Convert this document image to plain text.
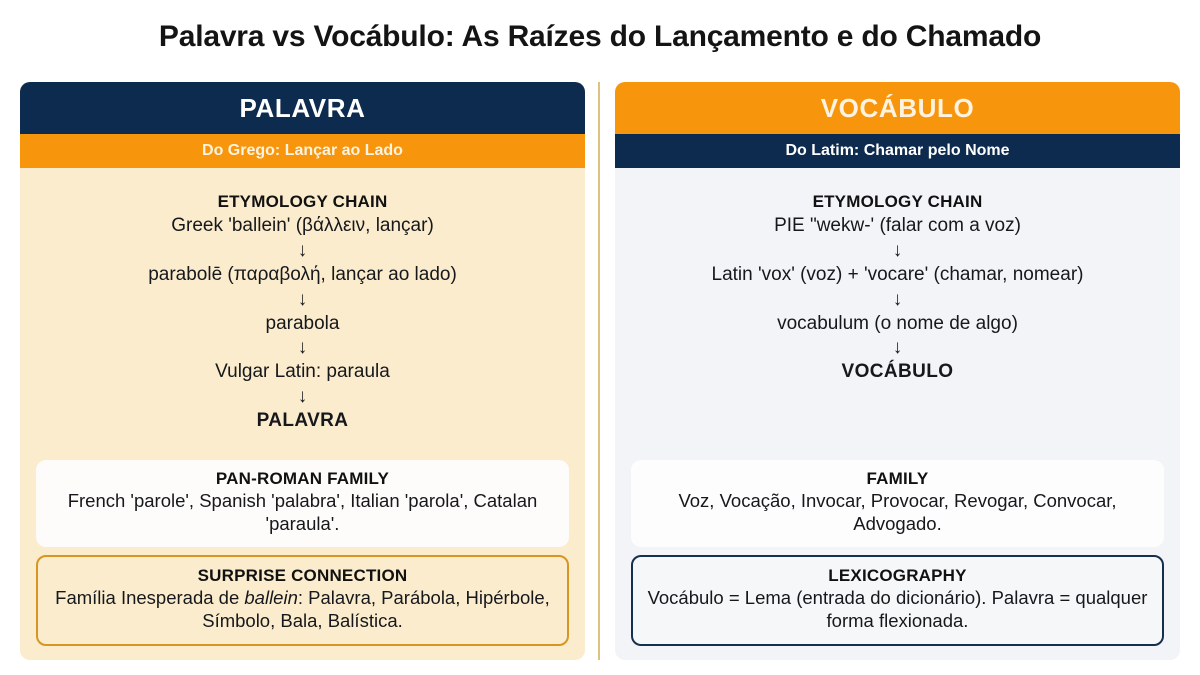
Palavra vs Vocábulo: As Raízes do Lançamento e do Chamado
PALAVRA
Do Grego: Lançar ao Lado
ETYMOLOGY CHAIN
Greek 'ballein' (βάλλειν, lançar)
↓
parabolē (παραβολή, lançar ao lado)
↓
parabola
↓
Vulgar Latin: paraula
↓
PALAVRA
PAN-ROMAN FAMILY
French 'parole', Spanish 'palabra', Italian 'parola', Catalan 'paraula'.
SURPRISE CONNECTION
Família Inesperada de ballein: Palavra, Parábola, Hipérbole, Símbolo, Bala, Balística.
VOCÁBULO
Do Latim: Chamar pelo Nome
ETYMOLOGY CHAIN
PIE "wekw-' (falar com a voz)
↓
Latin 'vox' (voz) + 'vocare' (chamar, nomear)
↓
vocabulum (o nome de algo)
↓
VOCÁBULO
FAMILY
Voz, Vocação, Invocar, Provocar, Revogar, Convocar, Advogado.
LEXICOGRAPHY
Vocábulo = Lema (entrada do dicionário). Palavra = qualquer forma flexionada.
